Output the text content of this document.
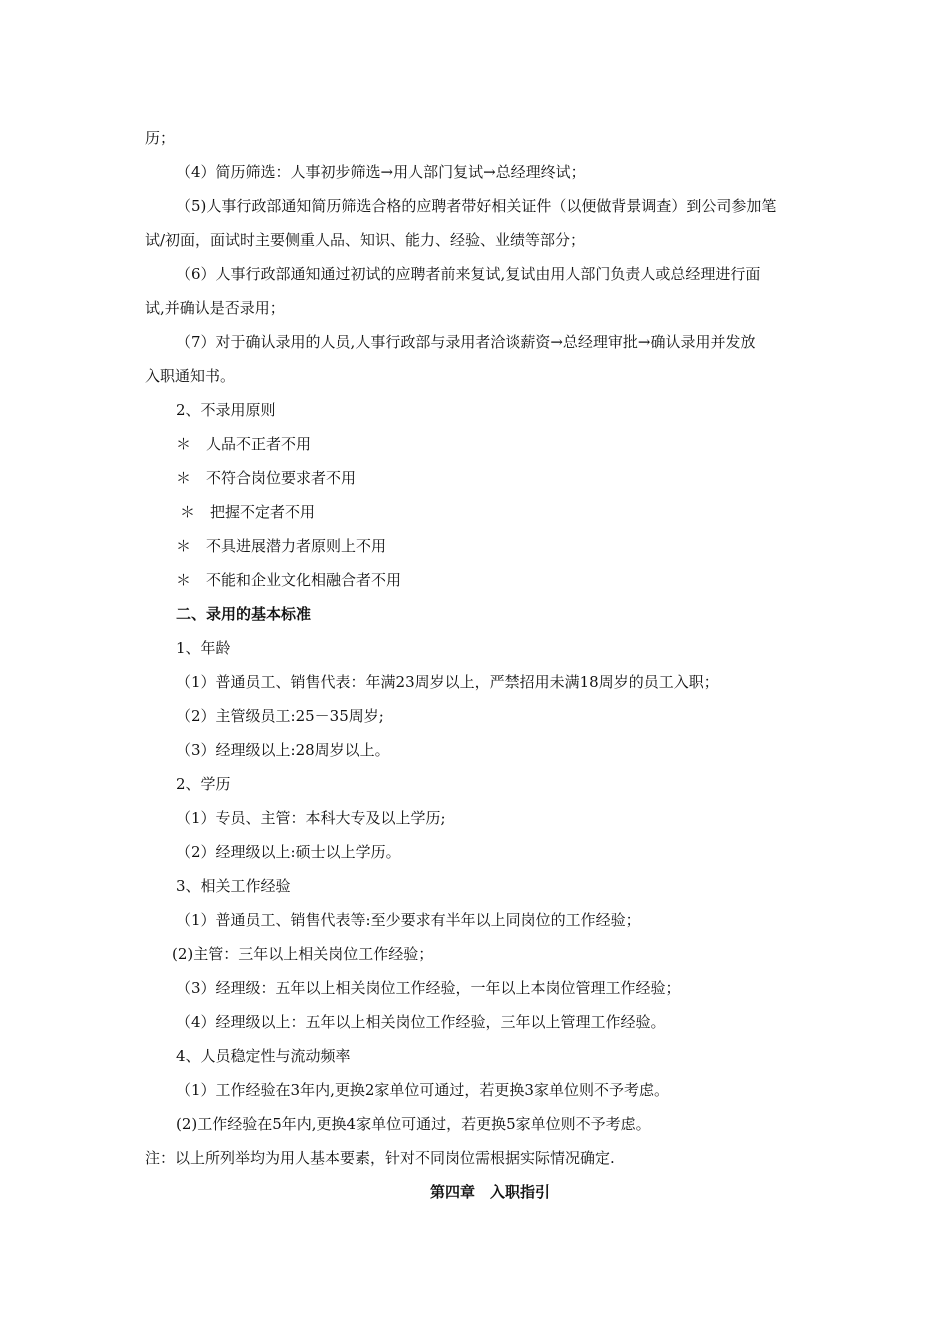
历；
（4）简历筛选：人事初步筛选→用人部门复试→总经理终试；
（5)人事行政部通知简历筛选合格的应聘者带好相关证件（以便做背景调查）到公司参加笔
试/初面，面试时主要侧重人品、知识、能力、经验、业绩等部分；
（6）人事行政部通知通过初试的应聘者前来复试,复试由用人部门负责人或总经理进行面
试,并确认是否录用；
（7）对于确认录用的人员,人事行政部与录用者洽谈薪资→总经理审批→确认录用并发放
入职通知书。
2、不录用原则
＊　人品不正者不用
＊　不符合岗位要求者不用
＊　把握不定者不用
＊　不具进展潜力者原则上不用
＊　不能和企业文化相融合者不用
二、录用的基本标准
1、年龄
（1）普通员工、销售代表：年满23周岁以上，严禁招用未满18周岁的员工入职；
（2）主管级员工:25－35周岁;
（3）经理级以上:28周岁以上。
2、学历
（1）专员、主管：本科大专及以上学历;
（2）经理级以上:硕士以上学历。
3、相关工作经验
（1）普通员工、销售代表等:至少要求有半年以上同岗位的工作经验；
(2)主管：三年以上相关岗位工作经验；
（3）经理级：五年以上相关岗位工作经验，一年以上本岗位管理工作经验；
（4）经理级以上：五年以上相关岗位工作经验，三年以上管理工作经验。
4、人员稳定性与流动频率
（1）工作经验在3年内,更换2家单位可通过，若更换3家单位则不予考虑。
(2)工作经验在5年内,更换4家单位可通过，若更换5家单位则不予考虑。
注：以上所列举均为用人基本要素，针对不同岗位需根据实际情况确定.
第四章　入职指引
